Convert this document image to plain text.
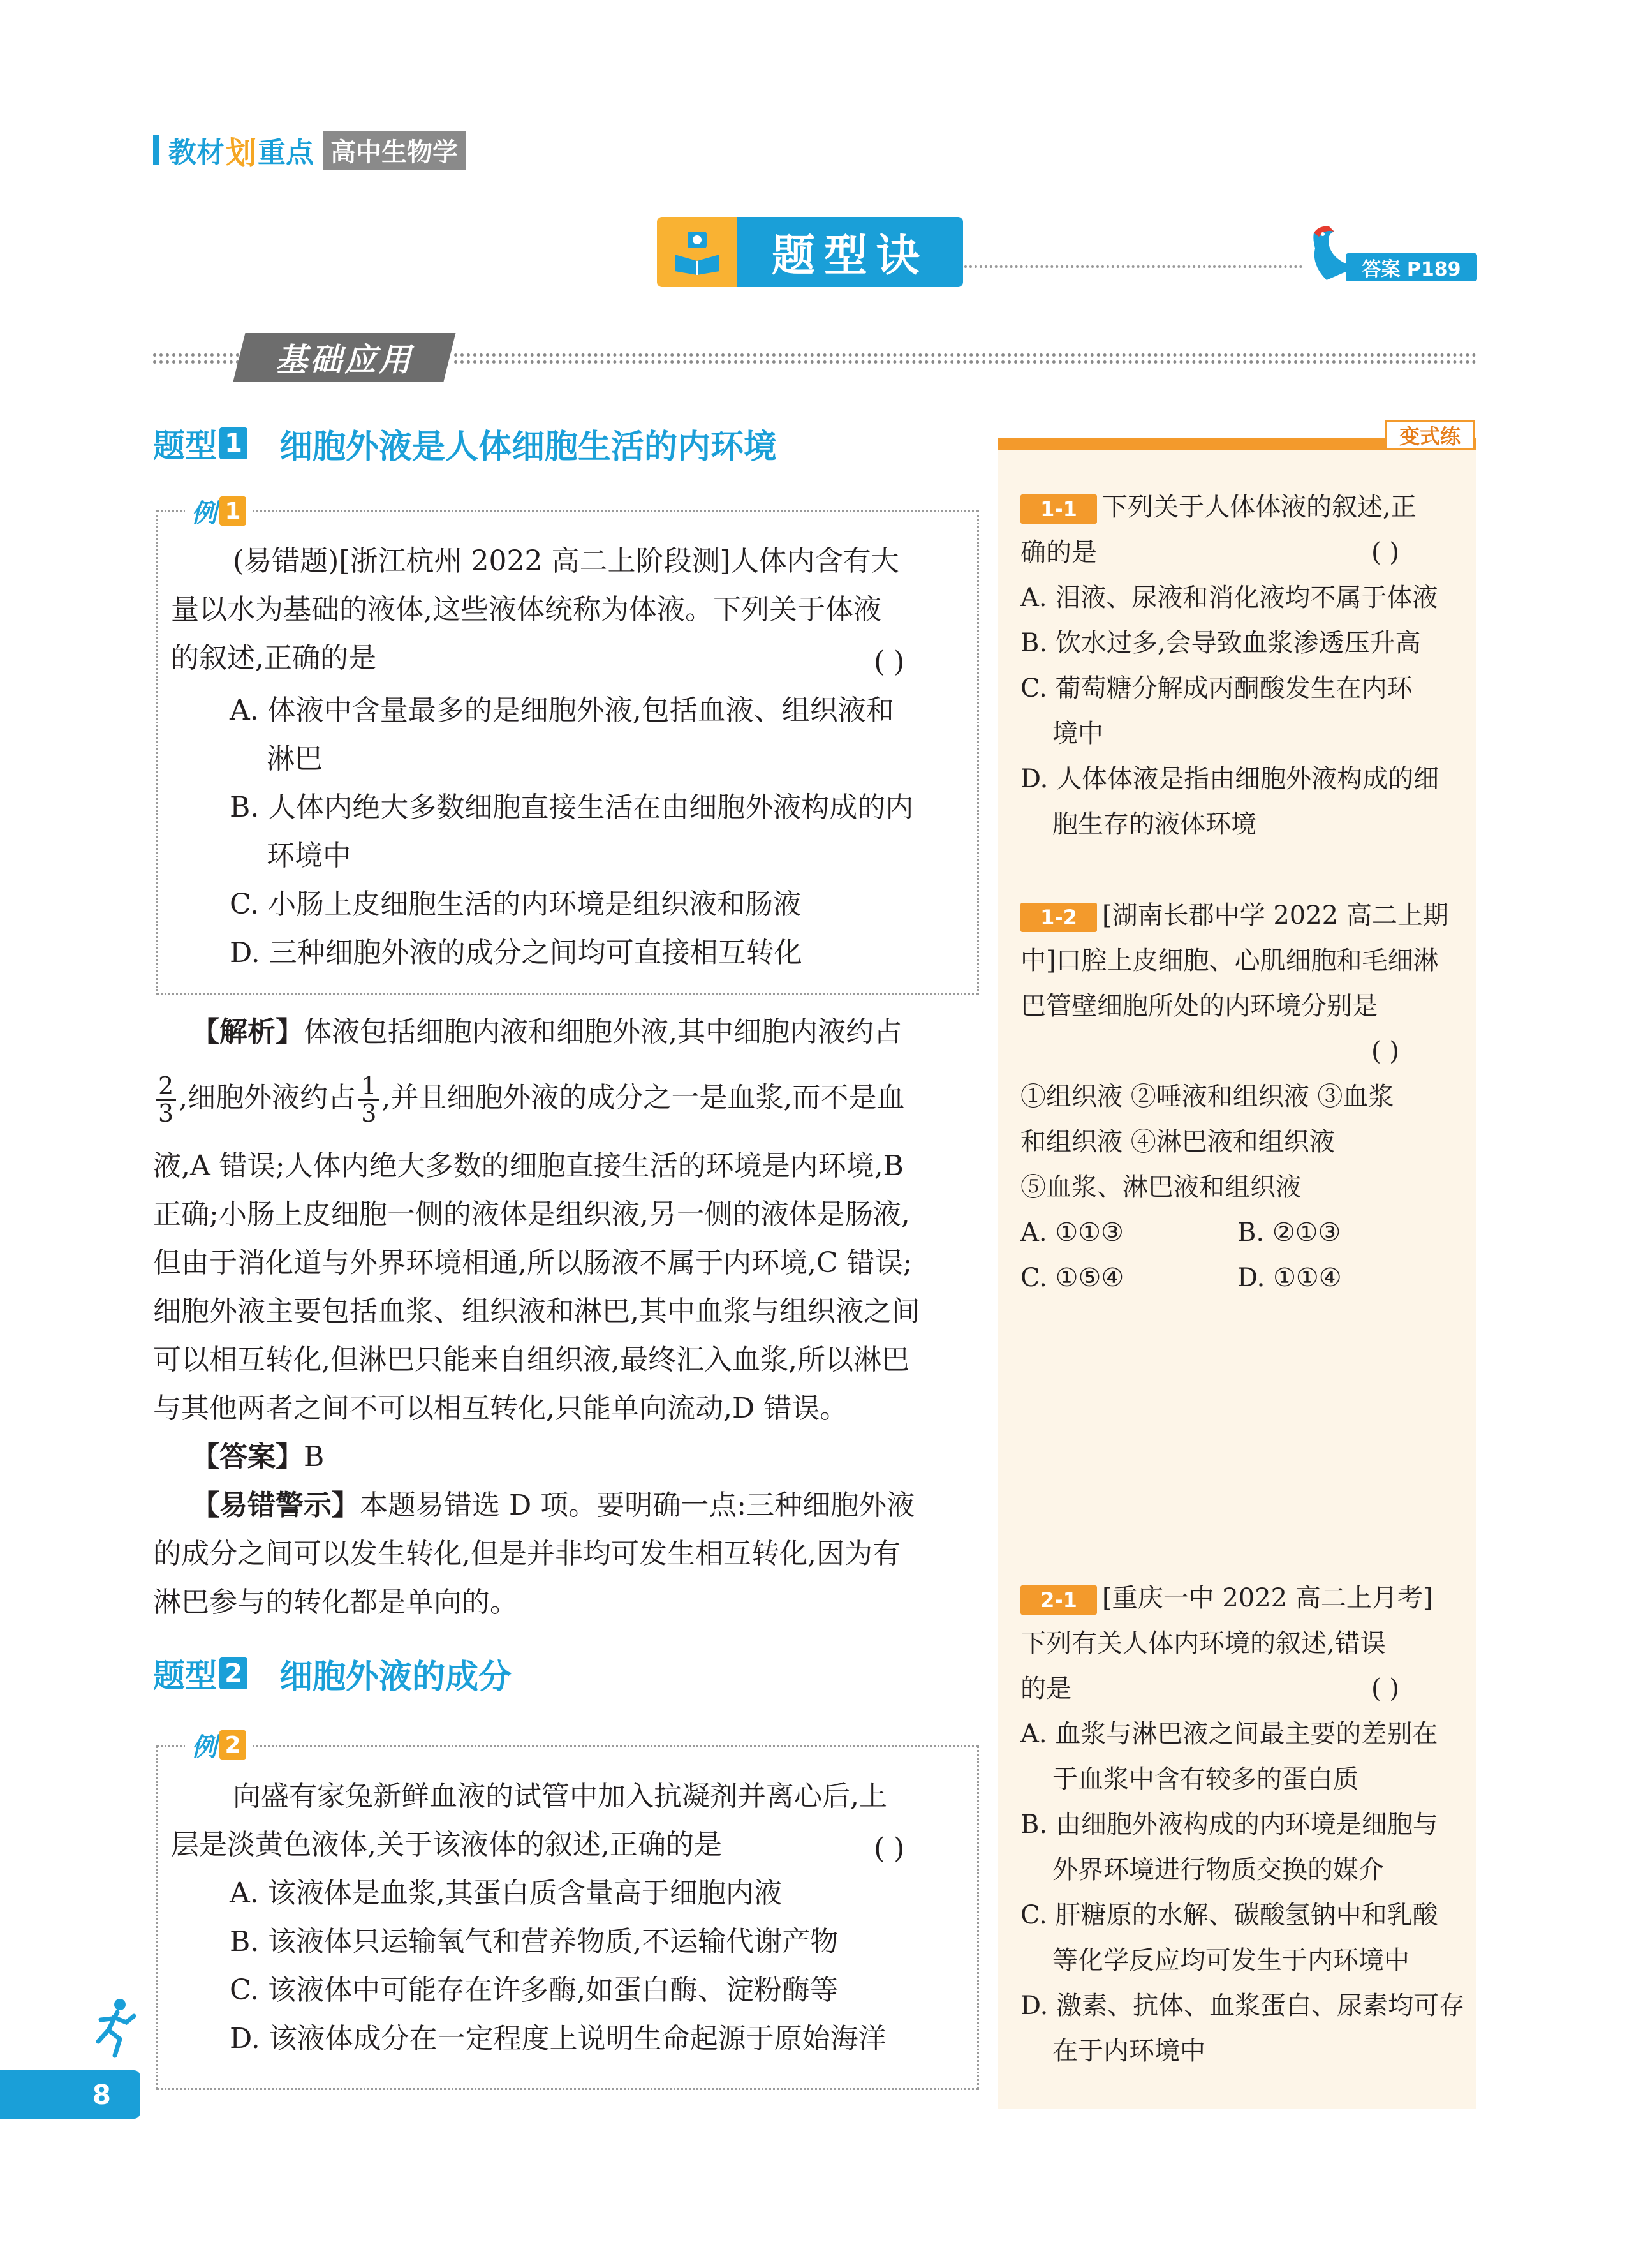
教材 划 重点 高中生物学
题型诀	答案 P189
基础应用
题型 1 细胞外液是人体细胞生活的内环境
例 1
(易错题)[浙江杭州 2022 高二上阶段测]人体内含有大
量以水为基础的液体,这些液体统称为体液。下列关于体液
的叙述,正确的是	( )
A. 体液中含量最多的是细胞外液,包括血液、组织液和
淋巴
B. 人体内绝大多数细胞直接生活在由细胞外液构成的内
环境中
C. 小肠上皮细胞生活的内环境是组织液和肠液
D. 三种细胞外液的成分之间均可直接相互转化
【解析】体液包括细胞内液和细胞外液,其中细胞内液约占
$\frac{2}{3}$ ,细胞外液约占 $\frac{1}{3}$ ,并且细胞外液的成分之一是血浆,而不是血
液,A 错误;人体内绝大多数的细胞直接生活的环境是内环境,B
正确;小肠上皮细胞一侧的液体是组织液,另一侧的液体是肠液,
但由于消化道与外界环境相通,所以肠液不属于内环境,C 错误;
细胞外液主要包括血浆、组织液和淋巴,其中血浆与组织液之间
可以相互转化,但淋巴只能来自组织液,最终汇入血浆,所以淋巴
与其他两者之间不可以相互转化,只能单向流动,D 错误。
【答案】B
【易错警示】本题易错选 D 项。要明确一点:三种细胞外液
的成分之间可以发生转化,但是并非均可发生相互转化,因为有
淋巴参与的转化都是单向的。
题型 2 细胞外液的成分
例 2
向盛有家兔新鲜血液的试管中加入抗凝剂并离心后,上
层是淡黄色液体,关于该液体的叙述,正确的是	( )
A. 该液体是血浆,其蛋白质含量高于细胞内液
B. 该液体只运输氧气和营养物质,不运输代谢产物
C. 该液体中可能存在许多酶,如蛋白酶、淀粉酶等
D. 该液体成分在一定程度上说明生命起源于原始海洋
变式练
1-1 下列关于人体体液的叙述,正
确的是	( )
A. 泪液、尿液和消化液均不属于体液
B. 饮水过多,会导致血浆渗透压升高
C. 葡萄糖分解成丙酮酸发生在内环
境中
D. 人体体液是指由细胞外液构成的细
胞生存的液体环境
1-2 [湖南长郡中学 2022 高二上期
中]口腔上皮细胞、心肌细胞和毛细淋
巴管壁细胞所处的内环境分别是
( )
①组织液 ②唾液和组织液 ③血浆
和组织液 ④淋巴液和组织液
⑤血浆、淋巴液和组织液
A. ①①③	B. ②①③
C. ①⑤④	D. ①①④
2-1 [重庆一中 2022 高二上月考]
下列有关人体内环境的叙述,错误
的是	( )
A. 血浆与淋巴液之间最主要的差别在
于血浆中含有较多的蛋白质
B. 由细胞外液构成的内环境是细胞与
外界环境进行物质交换的媒介
C. 肝糖原的水解、碳酸氢钠中和乳酸
等化学反应均可发生于内环境中
D. 激素、抗体、血浆蛋白、尿素均可存
在于内环境中
8
